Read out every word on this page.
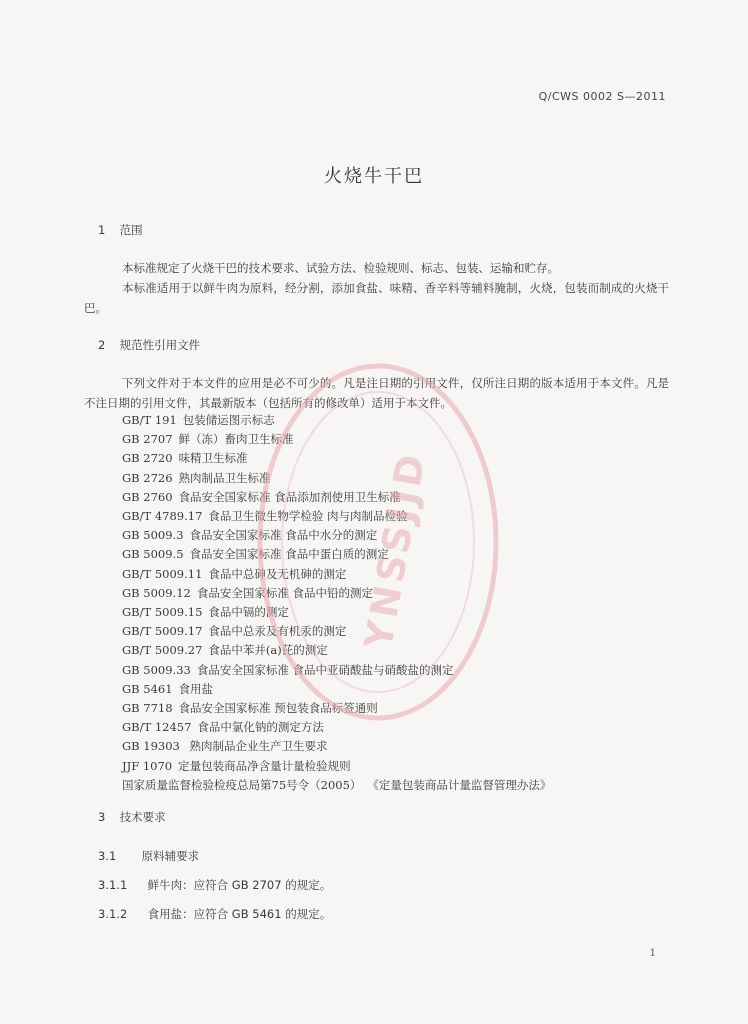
Q/CWS 0002 S—2011
火烧牛干巴
1 范围
本标准规定了火烧干巴的技术要求、试验方法、检验规则、标志、包装、运输和贮存。
本标准适用于以鲜牛肉为原料，经分割，添加食盐、味精、香辛料等辅料腌制，火烧，包装而制成的火烧干巴。
2 规范性引用文件
下列文件对于本文件的应用是必不可少的。凡是注日期的引用文件，仅所注日期的版本适用于本文件。凡是不注日期的引用文件，其最新版本（包括所有的修改单）适用于本文件。
GB/T 191 包装储运图示标志
GB 2707 鲜（冻）畜肉卫生标准
GB 2720 味精卫生标准
GB 2726 熟肉制品卫生标准
GB 2760 食品安全国家标准 食品添加剂使用卫生标准
GB/T 4789.17 食品卫生微生物学检验 肉与肉制品检验
GB 5009.3 食品安全国家标准 食品中水分的测定
GB 5009.5 食品安全国家标准 食品中蛋白质的测定
GB/T 5009.11 食品中总砷及无机砷的测定
GB 5009.12 食品安全国家标准 食品中铅的测定
GB/T 5009.15 食品中镉的测定
GB/T 5009.17 食品中总汞及有机汞的测定
GB/T 5009.27 食品中苯并(a)芘的测定
GB 5009.33 食品安全国家标准 食品中亚硝酸盐与硝酸盐的测定
GB 5461 食用盐
GB 7718 食品安全国家标准 预包装食品标签通则
GB/T 12457 食品中氯化钠的测定方法
GB 19303 熟肉制品企业生产卫生要求
JJF 1070 定量包装商品净含量计量检验规则
国家质量监督检验检疫总局第75号令（2005） 《定量包装商品计量监督管理办法》
3 技术要求
3.1 原料辅要求
3.1.1 鲜牛肉：应符合 GB 2707 的规定。
3.1.2 食用盐：应符合 GB 5461 的规定。
1
YNSSJJD
